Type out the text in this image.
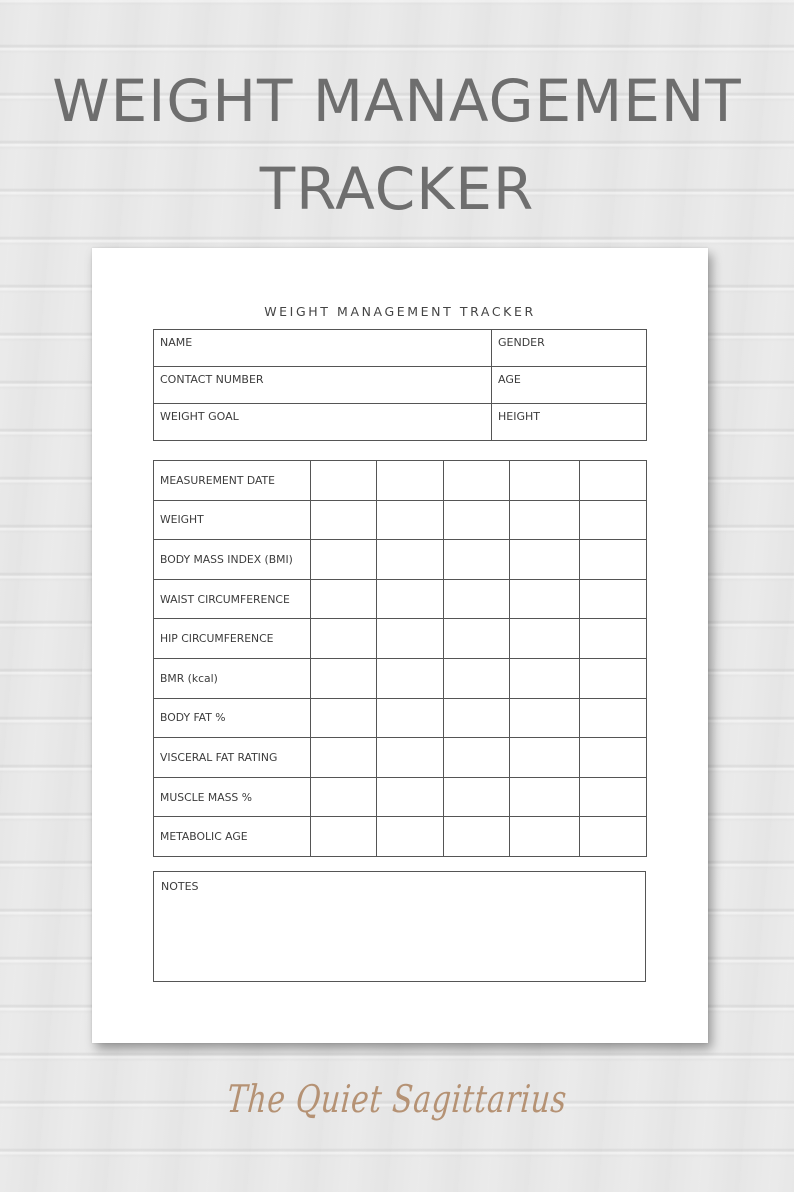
WEIGHT MANAGEMENT
TRACKER
WEIGHT MANAGEMENT TRACKER
NAME	GENDER
CONTACT NUMBER	AGE
WEIGHT GOAL	HEIGHT
MEASUREMENT DATE					
WEIGHT					
BODY MASS INDEX (BMI)					
WAIST CIRCUMFERENCE					
HIP CIRCUMFERENCE					
BMR (kcal)					
BODY FAT %					
VISCERAL FAT RATING					
MUSCLE MASS %					
METABOLIC AGE					
NOTES
The Quiet Sagittarius
